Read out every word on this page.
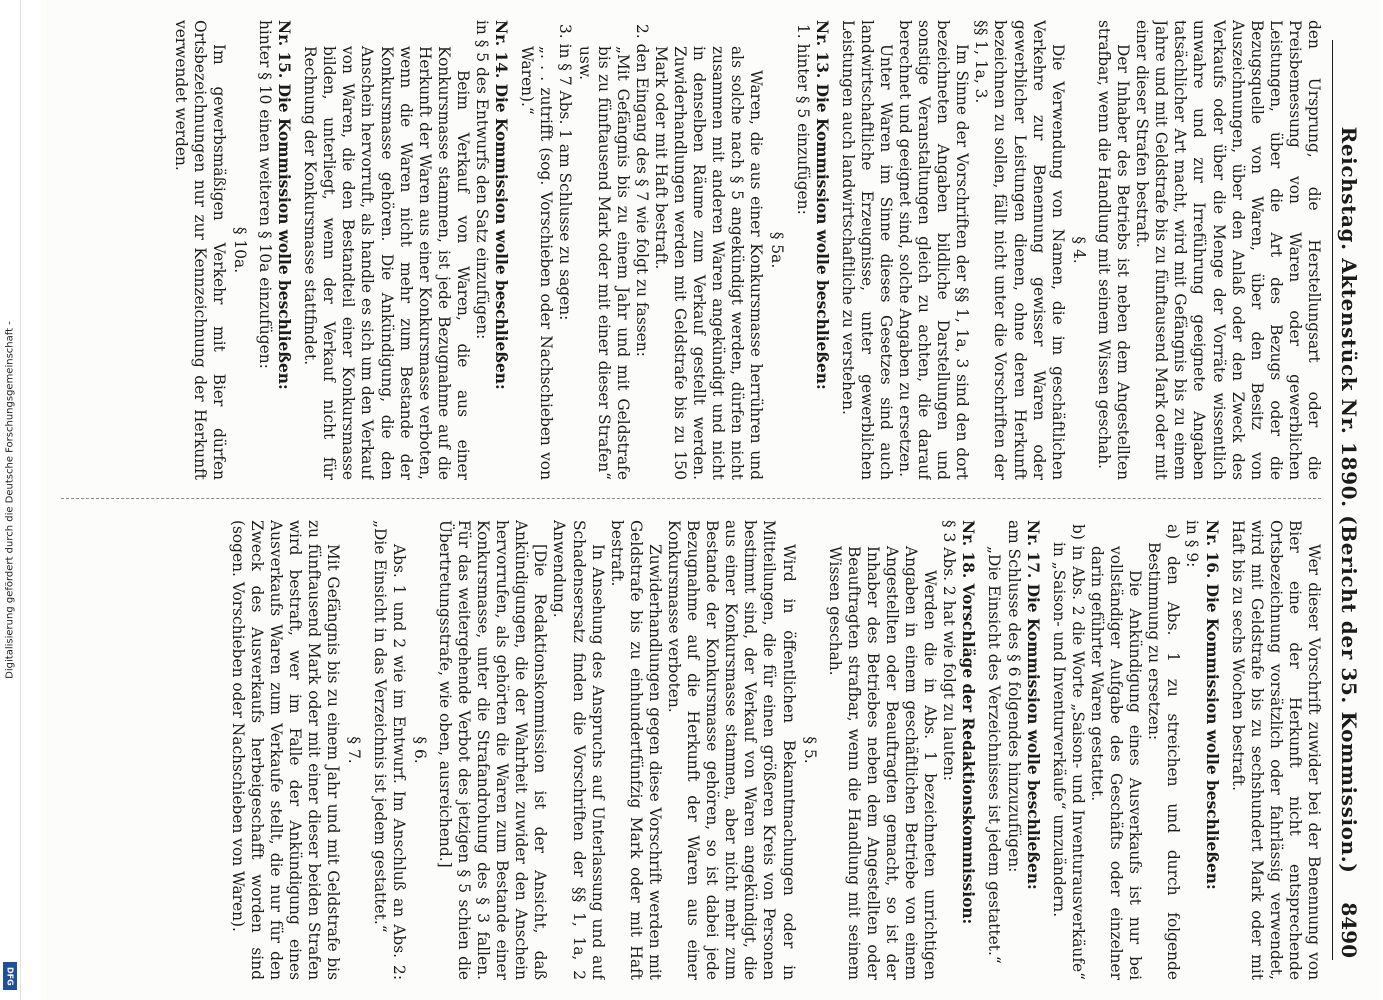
Digitalisierung gefördert durch die Deutsche Forschungsgemeinschaft -
DFG
Reichstag. Aktenstück Nr. 1890. (Bericht der 35. Kommission.)
8490

den Ursprung, die Herstellungsart oder die Preisbemessung von Waren oder gewerblichen Leistungen, über die Art des Bezugs oder die Bezugsquelle von Waren, über den Besitz von Auszeichnungen, über den Anlaß oder den Zweck des Verkaufs oder über die Menge der Vorräte wissentlich unwahre und zur Irreführung geeignete Angaben tatsächlicher Art macht, wird mit Gefängnis bis zu einem Jahre und mit Geldstrafe bis zu fünftausend Mark oder mit einer dieser Strafen bestraft.

Der Inhaber des Betriebs ist neben dem Angestellten strafbar, wenn die Handlung mit seinem Wissen geschah.

§ 4.

Die Verwendung von Namen, die im geschäftlichen Verkehre zur Benennung gewisser Waren oder gewerblicher Leistungen dienen, ohne deren Herkunft bezeichnen zu sollen, fällt nicht unter die Vorschriften der §§ 1, 1a, 3.

Im Sinne der Vorschriften der §§ 1, 1a, 3 sind den dort bezeichneten Angaben bildliche Darstellungen und sonstige Veranstaltungen gleich zu achten, die darauf berechnet und geeignet sind, solche Angaben zu ersetzen.

Unter Waren im Sinne dieses Gesetzes sind auch landwirtschaftliche Erzeugnisse, unter gewerblichen Leistungen auch landwirtschaftliche zu verstehen.

Nr. 13. Die Kommission wolle beschließen:

1. hinter § 5 einzufügen:

§ 5a.

Waren, die aus einer Konkursmasse herrühren und als solche nach § 5 angekündigt werden, dürfen nicht zusammen mit anderen Waren angekündigt und nicht in denselben Räume zum Verkauf gestellt werden. Zuwiderhandlungen werden mit Geldstrafe bis zu 150 Mark oder mit Haft bestraft.

2. den Eingang des § 7 wie folgt zu fassen:

„Mit Gefängnis bis zu einem Jahr und mit Geldstrafe bis zu fünftausend Mark oder mit einer dieser Strafen“ usw.

3. in § 7 Abs. 1 am Schlusse zu sagen:

„. . . zutrifft (sog. Vorschieben oder Nachschieben von Waren).“

Nr. 14. Die Kommission wolle beschließen:

in § 5 des Entwurfs den Satz einzufügen:

Beim Verkauf von Waren, die aus einer Konkursmasse stammen, ist jede Bezugnahme auf die Herkunft der Waren aus einer Konkursmasse verboten, wenn die Waren nicht mehr zum Bestande der Konkursmasse gehören. Die Ankündigung, die den Anschein hervorruft, als handle es sich um den Verkauf von Waren, die den Bestandteil einer Konkursmasse bilden, unterliegt, wenn der Verkauf nicht für Rechnung der Konkursmasse stattfindet.

Nr. 15. Die Kommission wolle beschließen:

hinter § 10 einen weiteren § 10a einzufügen:

§ 10a.

Im gewerbsmäßigen Verkehr mit Bier dürfen Ortsbezeichnungen nur zur Kennzeichnung der Herkunft verwendet werden.

Wer dieser Vorschrift zuwider bei der Benennung von Bier eine der Herkunft nicht entsprechende Ortsbezeichnung vorsätzlich oder fahrlässig verwendet, wird mit Geldstrafe bis zu sechshundert Mark oder mit Haft bis zu sechs Wochen bestraft.

Nr. 16. Die Kommission wolle beschließen:

in § 9:

a) den Abs. 1 zu streichen und durch folgende Bestimmung zu ersetzen:

Die Ankündigung eines Ausverkaufs ist nur bei vollständiger Aufgabe des Geschäfts oder einzelner darin geführter Waren gestattet.

b) in Abs. 2 die Worte „Saison- und Inventurausverkäufe“ in „Saison- und Inventurverkäufe“ umzuändern.

Nr. 17. Die Kommission wolle beschließen:

am Schlusse des § 6 folgendes hinzuzufügen:

„Die Einsicht des Verzeichnisses ist jedem gestattet.“

Nr. 18. Vorschläge der Redaktionskommission:

§ 3 Abs. 2 hat wie folgt zu lauten:

Werden die in Abs. 1 bezeichneten unrichtigen Angaben in einem geschäftlichen Betriebe von einem Angestellten oder Beauftragten gemacht, so ist der Inhaber des Betriebes neben dem Angestellten oder Beauftragten strafbar, wenn die Handlung mit seinem Wissen geschah.

§ 5.

Wird in öffentlichen Bekanntmachungen oder in Mitteilungen, die für einen größeren Kreis von Personen bestimmt sind, der Verkauf von Waren angekündigt, die aus einer Konkursmasse stammen, aber nicht mehr zum Bestande der Konkursmasse gehören, so ist dabei jede Bezugnahme auf die Herkunft der Waren aus einer Konkursmasse verboten.

Zuwiderhandlungen gegen diese Vorschrift werden mit Geldstrafe bis zu einhundertfünfzig Mark oder mit Haft bestraft.

In Ansehung des Anspruchs auf Unterlassung und auf Schadensersatz finden die Vorschriften der §§ 1, 1a, 2 Anwendung.

[Die Redaktionskommission ist der Ansicht, daß Ankündigungen, die der Wahrheit zuwider den Anschein hervorrufen, als gehörten die Waren zum Bestande einer Konkursmasse, unter die Strafandrohung des § 3 fallen. Für das weitergehende Verbot des jetzigen § 5 schien die Übertretungsstrafe, wie oben, ausreichend.]

§ 6.

Abs. 1 und 2 wie im Entwurf. Im Anschluß an Abs. 2: „Die Einsicht in das Verzeichnis ist jedem gestattet.“

§ 7.

Mit Gefängnis bis zu einem Jahr und mit Geldstrafe bis zu fünftausend Mark oder mit einer dieser beiden Strafen wird bestraft, wer im Falle der Ankündigung eines Ausverkaufs Waren zum Verkaufe stellt, die nur für den Zweck des Ausverkaufs herbeigeschafft worden sind (sogen. Vorschieben oder Nachschieben von Waren).
